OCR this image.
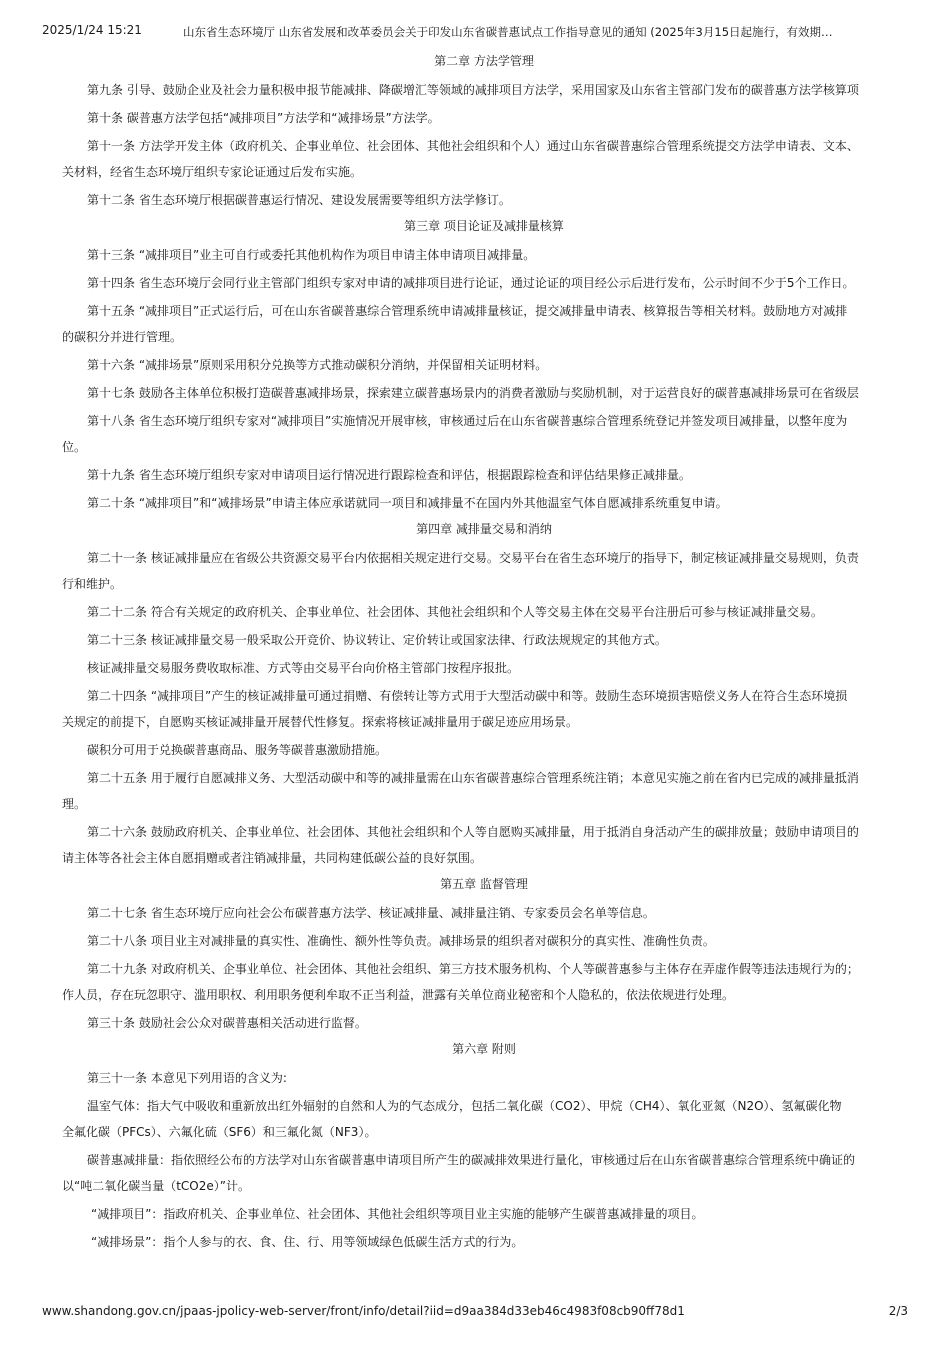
2025/1/24 15:21	山东省生态环境厅 山东省发展和改革委员会关于印发山东省碳普惠试点工作指导意见的通知 (2025年3月15日起施行，有效期…
第二章 方法学管理
第九条 引导、鼓励企业及社会力量积极申报节能减排、降碳增汇等领域的减排项目方法学，采用国家及山东省主管部门发布的碳普惠方法学核算项
第十条 碳普惠方法学包括“减排项目”方法学和“减排场景”方法学。
第十一条 方法学开发主体（政府机关、企事业单位、社会团体、其他社会组织和个人）通过山东省碳普惠综合管理系统提交方法学申请表、文本、
关材料，经省生态环境厅组织专家论证通过后发布实施。
第十二条 省生态环境厅根据碳普惠运行情况、建设发展需要等组织方法学修订。
第三章 项目论证及减排量核算
第十三条 “减排项目”业主可自行或委托其他机构作为项目申请主体申请项目减排量。
第十四条 省生态环境厅会同行业主管部门组织专家对申请的减排项目进行论证，通过论证的项目经公示后进行发布，公示时间不少于5个工作日。
第十五条 “减排项目”正式运行后，可在山东省碳普惠综合管理系统申请减排量核证，提交减排量申请表、核算报告等相关材料。鼓励地方对减排
的碳积分并进行管理。
第十六条 “减排场景”原则采用积分兑换等方式推动碳积分消纳，并保留相关证明材料。
第十七条 鼓励各主体单位积极打造碳普惠减排场景，探索建立碳普惠场景内的消费者激励与奖励机制，对于运营良好的碳普惠减排场景可在省级层
第十八条 省生态环境厅组织专家对“减排项目”实施情况开展审核，审核通过后在山东省碳普惠综合管理系统登记并签发项目减排量，以整年度为
位。
第十九条 省生态环境厅组织专家对申请项目运行情况进行跟踪检查和评估，根据跟踪检查和评估结果修正减排量。
第二十条 “减排项目”和“减排场景”申请主体应承诺就同一项目和减排量不在国内外其他温室气体自愿减排系统重复申请。
第四章 减排量交易和消纳
第二十一条 核证减排量应在省级公共资源交易平台内依据相关规定进行交易。交易平台在省生态环境厅的指导下，制定核证减排量交易规则，负责
行和维护。
第二十二条 符合有关规定的政府机关、企事业单位、社会团体、其他社会组织和个人等交易主体在交易平台注册后可参与核证减排量交易。
第二十三条 核证减排量交易一般采取公开竞价、协议转让、定价转让或国家法律、行政法规规定的其他方式。
核证减排量交易服务费收取标准、方式等由交易平台向价格主管部门按程序报批。
第二十四条 “减排项目”产生的核证减排量可通过捐赠、有偿转让等方式用于大型活动碳中和等。鼓励生态环境损害赔偿义务人在符合生态环境损
关规定的前提下，自愿购买核证减排量开展替代性修复。探索将核证减排量用于碳足迹应用场景。
碳积分可用于兑换碳普惠商品、服务等碳普惠激励措施。
第二十五条 用于履行自愿减排义务、大型活动碳中和等的减排量需在山东省碳普惠综合管理系统注销；本意见实施之前在省内已完成的减排量抵消
理。
第二十六条 鼓励政府机关、企事业单位、社会团体、其他社会组织和个人等自愿购买减排量，用于抵消自身活动产生的碳排放量；鼓励申请项目的
请主体等各社会主体自愿捐赠或者注销减排量，共同构建低碳公益的良好氛围。
第五章 监督管理
第二十七条 省生态环境厅应向社会公布碳普惠方法学、核证减排量、减排量注销、专家委员会名单等信息。
第二十八条 项目业主对减排量的真实性、准确性、额外性等负责。减排场景的组织者对碳积分的真实性、准确性负责。
第二十九条 对政府机关、企事业单位、社会团体、其他社会组织、第三方技术服务机构、个人等碳普惠参与主体存在弄虚作假等违法违规行为的；
作人员，存在玩忽职守、滥用职权、利用职务便利牟取不正当利益，泄露有关单位商业秘密和个人隐私的，依法依规进行处理。
第三十条 鼓励社会公众对碳普惠相关活动进行监督。
第六章 附则
第三十一条 本意见下列用语的含义为:
温室气体：指大气中吸收和重新放出红外辐射的自然和人为的气态成分，包括二氧化碳（CO2）、甲烷（CH4）、氧化亚氮（N2O）、氢氟碳化物
全氟化碳（PFCs）、六氟化硫（SF6）和三氟化氮（NF3）。
碳普惠减排量：指依照经公布的方法学对山东省碳普惠申请项目所产生的碳减排效果进行量化，审核通过后在山东省碳普惠综合管理系统中确证的
以“吨二氧化碳当量（tCO2e）”计。
“减排项目”：指政府机关、企事业单位、社会团体、其他社会组织等项目业主实施的能够产生碳普惠减排量的项目。
“减排场景”：指个人参与的衣、食、住、行、用等领域绿色低碳生活方式的行为。
www.shandong.gov.cn/jpaas-jpolicy-web-server/front/info/detail?iid=d9aa384d33eb46c4983f08cb90ff78d1	2/3
